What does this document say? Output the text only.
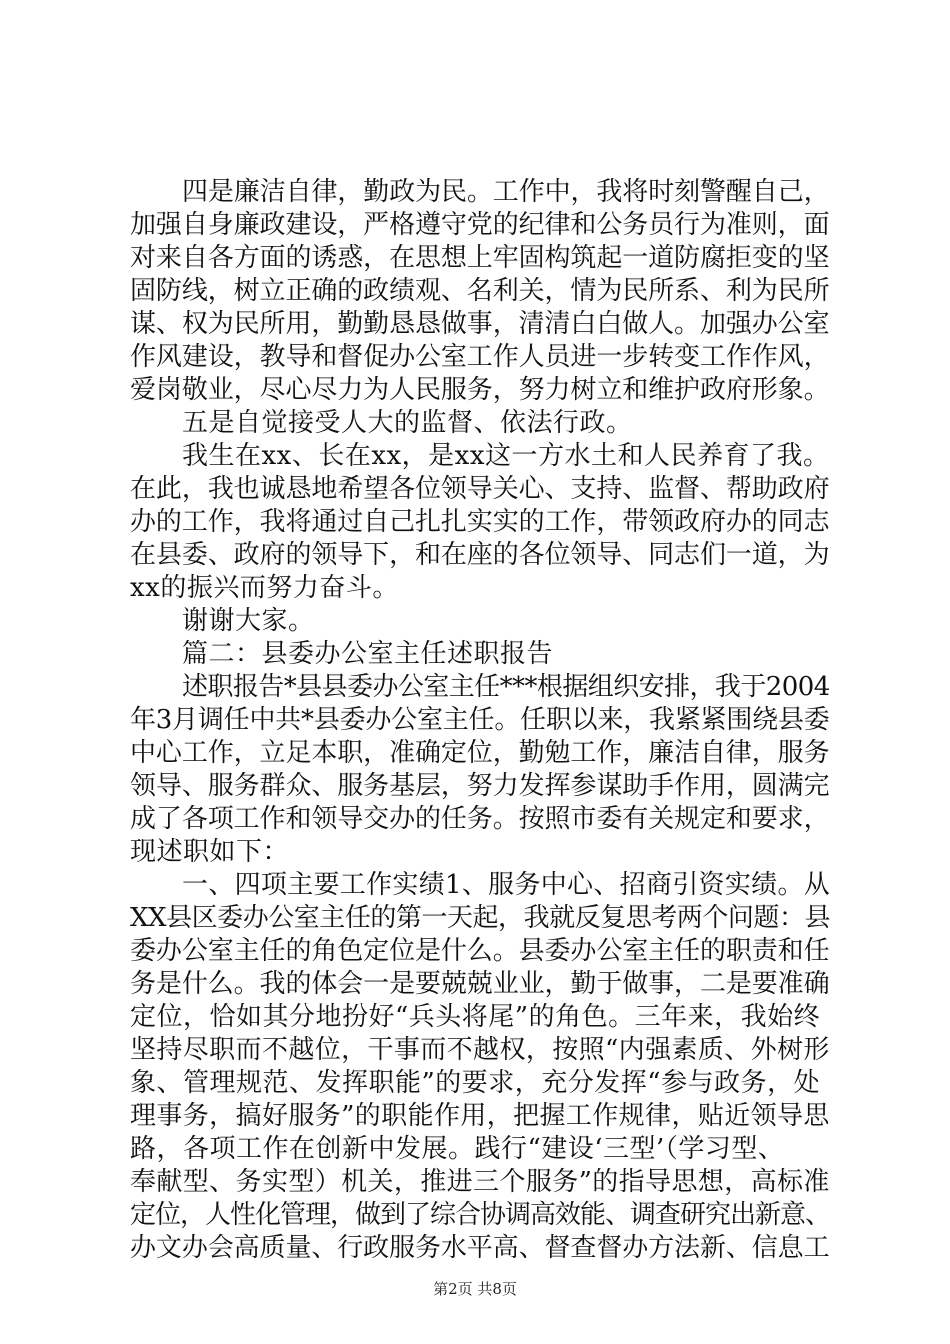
四是廉洁自律，勤政为民。工作中，我将时刻警醒自己，
加强自身廉政建设，严格遵守党的纪律和公务员行为准则，面
对来自各方面的诱惑，在思想上牢固构筑起一道防腐拒变的坚
固防线，树立正确的政绩观、名利关，情为民所系、利为民所
谋、权为民所用，勤勤恳恳做事，清清白白做人。加强办公室
作风建设，教导和督促办公室工作人员进一步转变工作作风，
爱岗敬业，尽心尽力为人民服务，努力树立和维护政府形象。
五是自觉接受人大的监督、依法行政。
我生在xx、长在xx，是xx这一方水土和人民养育了我。
在此，我也诚恳地希望各位领导关心、支持、监督、帮助政府
办的工作，我将通过自己扎扎实实的工作，带领政府办的同志
在县委、政府的领导下，和在座的各位领导、同志们一道，为
xx的振兴而努力奋斗。
谢谢大家。
篇二：县委办公室主任述职报告
述职报告*县县委办公室主任***根据组织安排，我于2004
年3月调任中共*县委办公室主任。任职以来，我紧紧围绕县委
中心工作，立足本职，准确定位，勤勉工作，廉洁自律，服务
领导、服务群众、服务基层，努力发挥参谋助手作用，圆满完
成了各项工作和领导交办的任务。按照市委有关规定和要求，
现述职如下：
一、四项主要工作实绩1、服务中心、招商引资实绩。从
XX县区委办公室主任的第一天起，我就反复思考两个问题：县
委办公室主任的角色定位是什么。县委办公室主任的职责和任
务是什么。我的体会一是要兢兢业业，勤于做事，二是要准确
定位，恰如其分地扮好“兵头将尾”的角色。三年来，我始终
坚持尽职而不越位，干事而不越权，按照“内强素质、外树形
象、管理规范、发挥职能”的要求，充分发挥“参与政务，处
理事务，搞好服务”的职能作用，把握工作规律，贴近领导思
路，各项工作在创新中发展。践行“建设‘三型’（学习型、
奉献型、务实型）机关，推进三个服务”的指导思想，高标准
定位，人性化管理，做到了综合协调高效能、调查研究出新意、
办文办会高质量、行政服务水平高、督查督办方法新、信息工
第2页 共8页
